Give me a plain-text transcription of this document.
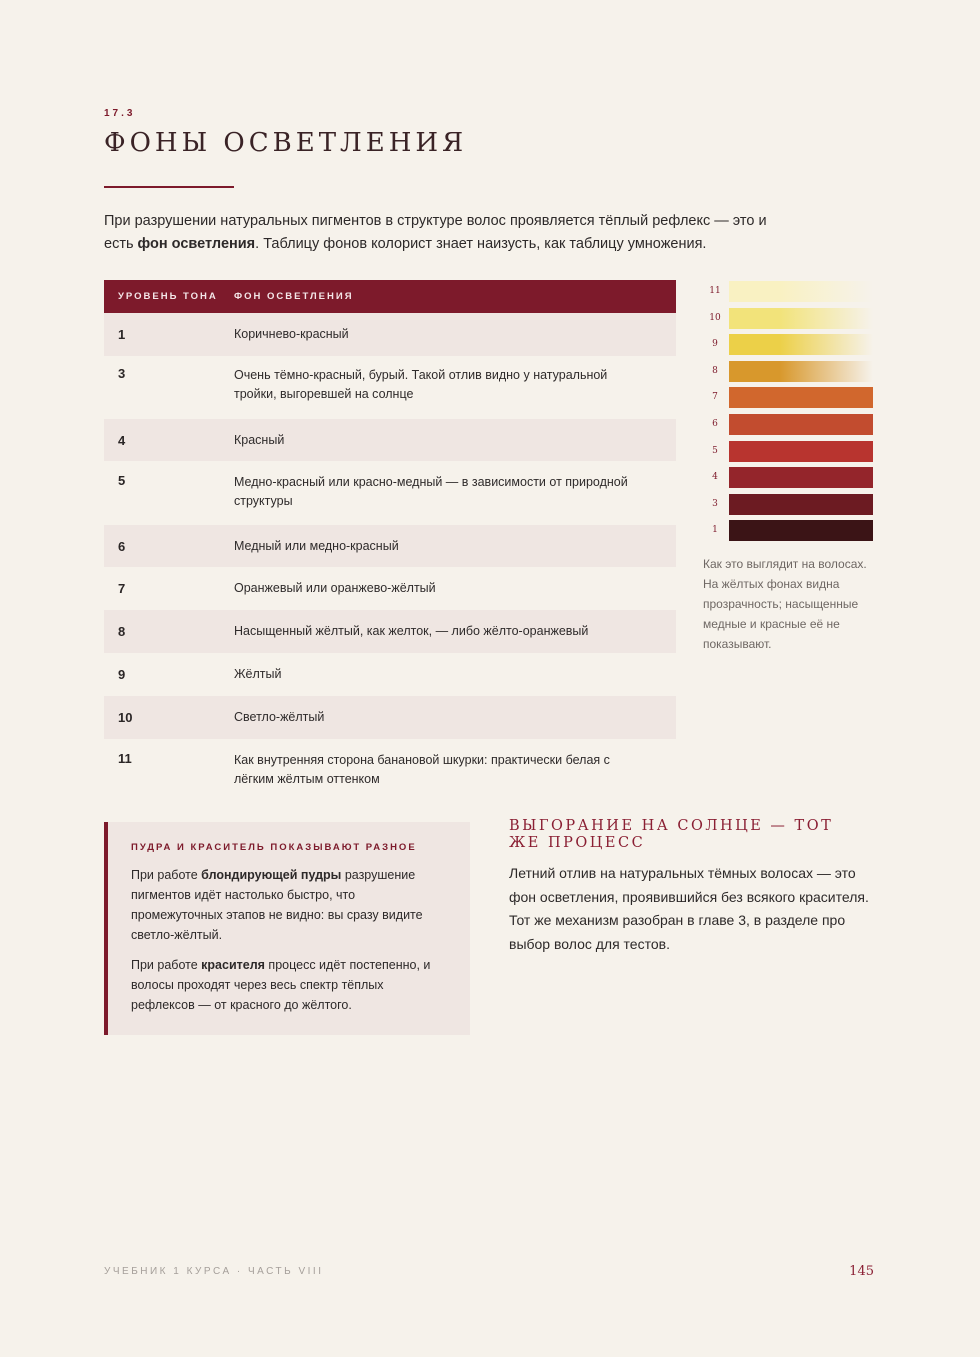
17.3
ФОНЫ ОСВЕТЛЕНИЯ

При разрушении натуральных пигментов в структуре волос проявляется тёплый рефлекс — это и есть фон осветления. Таблицу фонов колорист знает наизусть, как таблицу умножения.

УРОВЕНЬ ТОНА	ФОН ОСВЕТЛЕНИЯ
1	Коричнево-красный
3	Очень тёмно-красный, бурый. Такой отлив видно у натуральной тройки, выгоревшей на солнце
4	Красный
5	Медно-красный или красно-медный — в зависимости от природной структуры
6	Медный или медно-красный
7	Оранжевый или оранжево-жёлтый
8	Насыщенный жёлтый, как желток, — либо жёлто-оранжевый
9	Жёлтый
10	Светло-жёлтый
11	Как внутренняя сторона банановой шкурки: практически белая с лёгким жёлтым оттенком
11
10
9
8
7
6
5
4
3
1

Как это выглядит на волосах. На жёлтых фонах видна прозрачность; насыщенные медные и красные её не показывают.

ПУДРА И КРАСИТЕЛЬ ПОКАЗЫВАЮТ РАЗНОЕ

При работе блондирующей пудры разрушение пигментов идёт настолько быстро, что промежуточных этапов не видно: вы сразу видите светло-жёлтый.

При работе красителя процесс идёт постепенно, и волосы проходят через весь спектр тёплых рефлексов — от красного до жёлтого.

ВЫГОРАНИЕ НА СОЛНЦЕ — ТОТ ЖЕ ПРОЦЕСС

Летний отлив на натуральных тёмных волосах — это фон осветления, проявившийся без всякого красителя. Тот же механизм разобран в главе 3, в разделе про выбор волос для тестов.

УЧЕБНИК 1 КУРСА · ЧАСТЬ VIII	145
